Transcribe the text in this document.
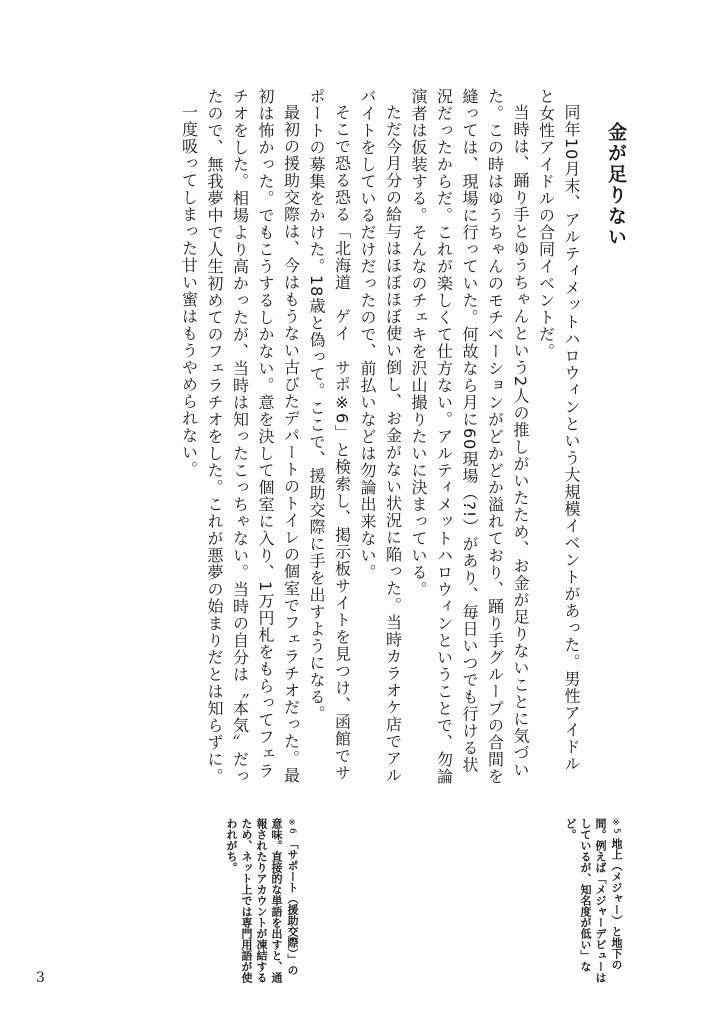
金が足りない

同年10月末、アルティメットハロウィンという大規模イベントがあった。男性アイドルと女性アイドルの合同イベントだ。

当時は、踊り手とゆうちゃんという2人の推しがいたため、お金が足りないことに気づいた。この時はゆうちゃんのモチベーションがどかどか溢れており、踊り手グループの合間を縫っては、現場に行っていた。何故なら月に60現場（?!）があり、毎日いつでも行ける状況だったからだ。これが楽しくて仕方ない。アルティメットハロウィンということで、勿論演者は仮装する。そんなのチェキを沢山撮りたいに決まっている。

ただ今月分の給与はほぼほぼ使い倒し、お金がない状況に陥った。当時カラオケ店でアルバイトをしているだけだったので、前払いなどは勿論出来ない。

そこで恐る恐る「北海道　ゲイ　サポ※6」と検索し、掲示板サイトを見つけ、函館でサポートの募集をかけた。18歳と偽って。ここで、援助交際に手を出すようになる。

最初の援助交際は、今はもうない古びたデパートのトイレの個室でフェラチオだった。最初は怖かった。でもこうするしかない。意を決して個室に入り、1万円札をもらってフェラチオをした。相場より高かったが、当時は知ったこっちゃない。当時の自分は〝本気〟だったので、無我夢中で人生初めてのフェラチオをした。これが悪夢の始まりだとは知らずに。

一度吸ってしまった甘い蜜はもうやめられない。

※5 地上（メジャー）と地下の間。例えば「メジャーデビューはしているが、知名度が低い」など。
※6 「サポート（援助交際）」の意味。直接的な単語を出すと、通報されたりアカウントが凍結するため、ネット上では専門用語が使われがち。
3
